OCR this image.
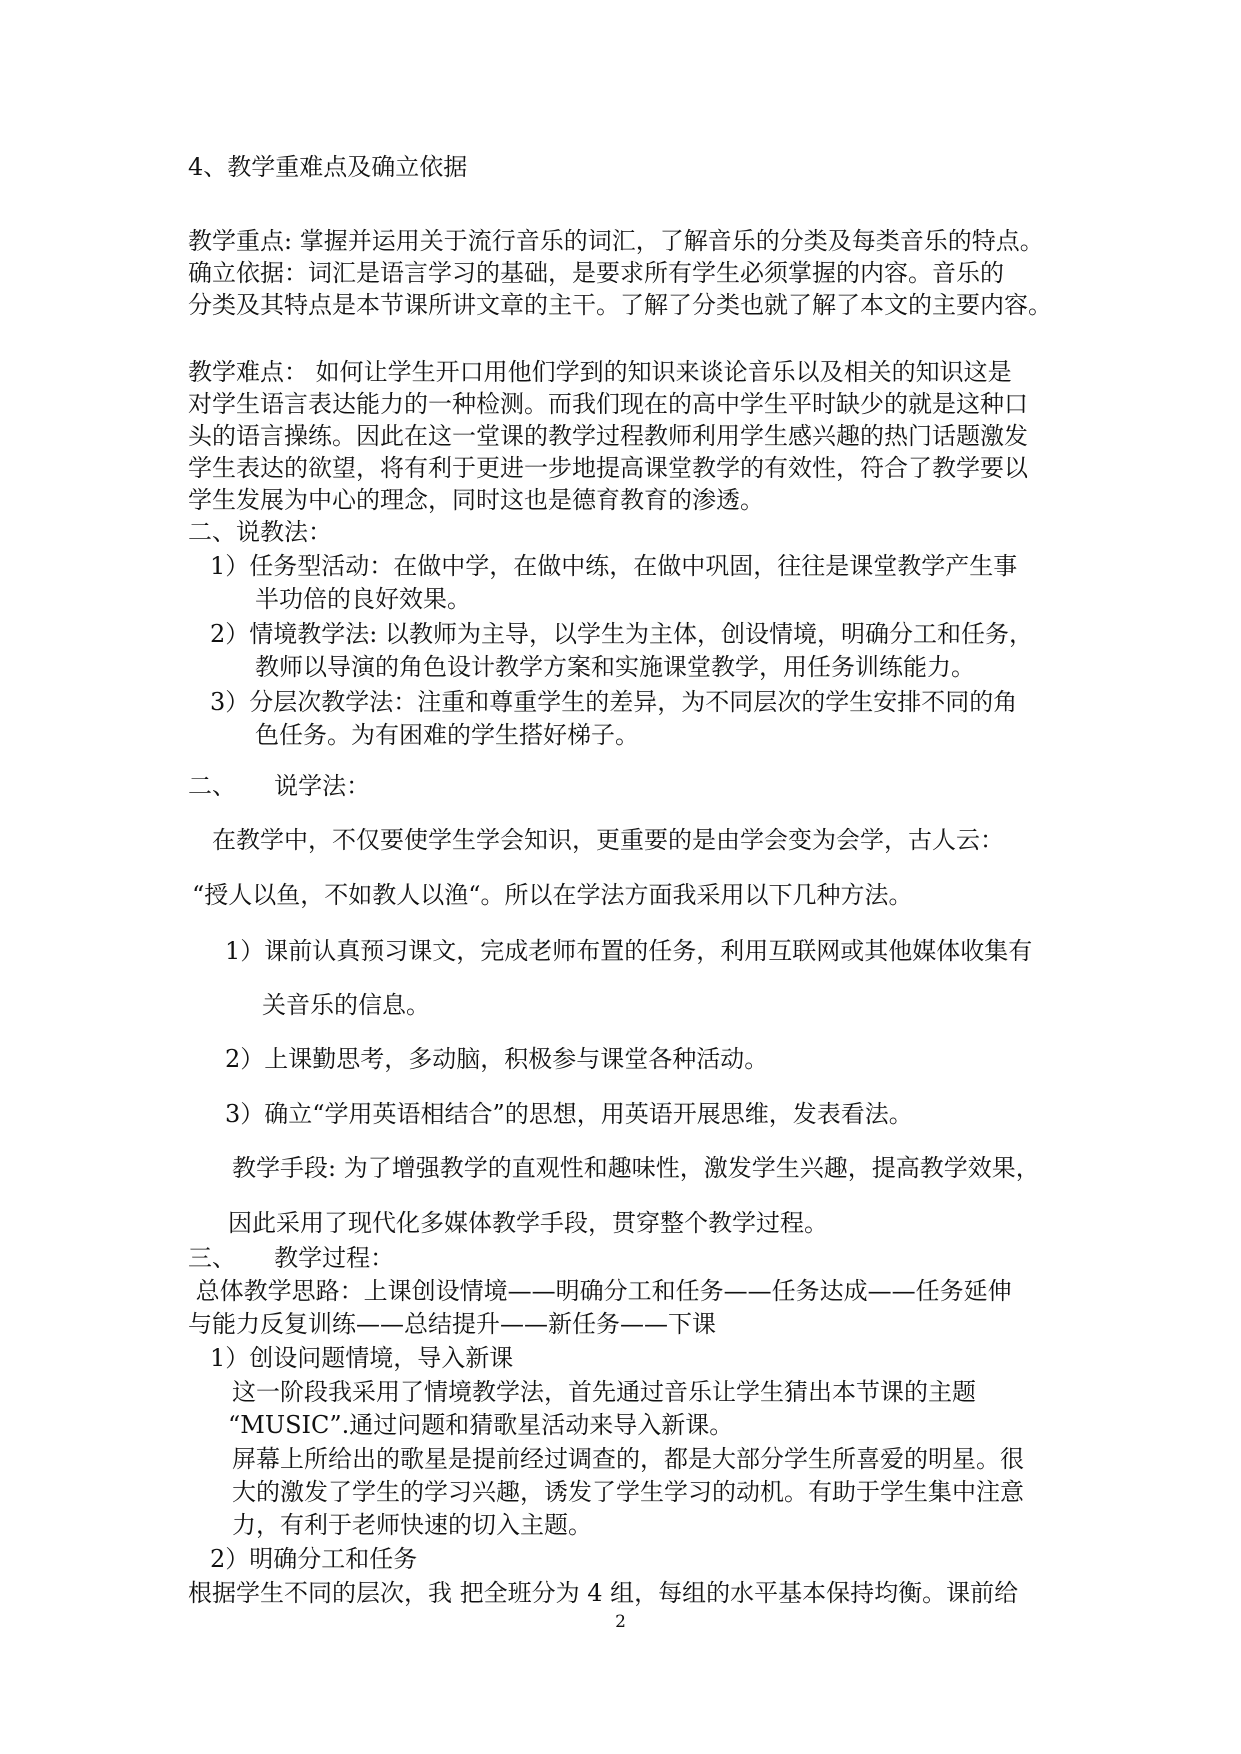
4、教学重难点及确立依据
教学重点: 掌握并运用关于流行音乐的词汇，了解音乐的分类及每类音乐的特点。
确立依据：词汇是语言学习的基础，是要求所有学生必须掌握的内容。音乐的
分类及其特点是本节课所讲文章的主干。了解了分类也就了解了本文的主要内容。
教学难点： 如何让学生开口用他们学到的知识来谈论音乐以及相关的知识这是
对学生语言表达能力的一种检测。而我们现在的高中学生平时缺少的就是这种口
头的语言操练。因此在这一堂课的教学过程教师利用学生感兴趣的热门话题激发
学生表达的欲望，将有利于更进一步地提高课堂教学的有效性，符合了教学要以
学生发展为中心的理念，同时这也是德育教育的渗透。
二、说教法：
1）任务型活动：在做中学，在做中练，在做中巩固，往往是课堂教学产生事
半功倍的良好效果。
2）情境教学法: 以教师为主导，以学生为主体，创设情境，明确分工和任务，
教师以导演的角色设计教学方案和实施课堂教学，用任务训练能力。
3）分层次教学法：注重和尊重学生的差异，为不同层次的学生安排不同的角
色任务。为有困难的学生搭好梯子。
二、     说学法：
在教学中，不仅要使学生学会知识，更重要的是由学会变为会学，古人云：
“授人以鱼，不如教人以渔“。所以在学法方面我采用以下几种方法。
1）课前认真预习课文，完成老师布置的任务，利用互联网或其他媒体收集有
关音乐的信息。
2）上课勤思考，多动脑，积极参与课堂各种活动。
3）确立“学用英语相结合”的思想，用英语开展思维，发表看法。
教学手段: 为了增强教学的直观性和趣味性，激发学生兴趣，提高教学效果，
因此采用了现代化多媒体教学手段，贯穿整个教学过程。
三、     教学过程：
总体教学思路：上课创设情境——明确分工和任务——任务达成——任务延伸
与能力反复训练——总结提升——新任务——下课
1）创设问题情境，导入新课
这一阶段我采用了情境教学法，首先通过音乐让学生猜出本节课的主题
“MUSIC”.通过问题和猜歌星活动来导入新课。
屏幕上所给出的歌星是提前经过调查的，都是大部分学生所喜爱的明星。很
大的激发了学生的学习兴趣，诱发了学生学习的动机。有助于学生集中注意
力，有利于老师快速的切入主题。
2）明确分工和任务
根据学生不同的层次，我 把全班分为 4 组，每组的水平基本保持均衡。课前给
2
